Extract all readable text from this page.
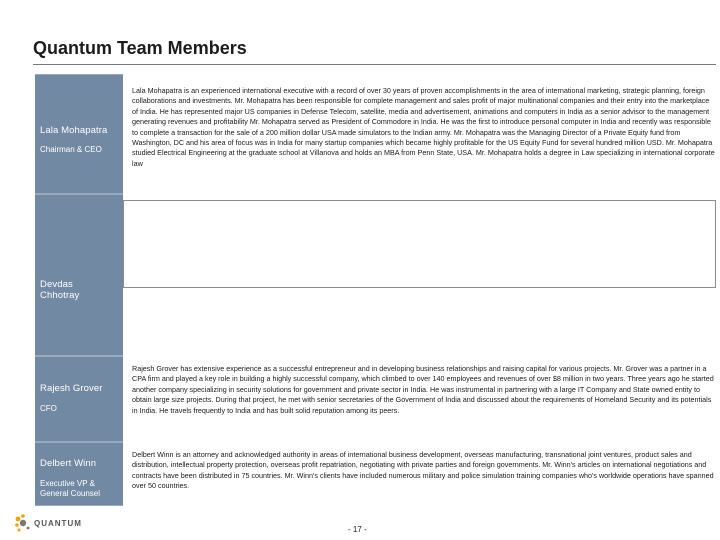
Quantum Team Members
Lala Mohapatra
Chairman & CEO
Lala Mohapatra is an experienced international executive with a record of over 30 years of proven accomplishments in the area of international marketing, strategic planning, foreign collaborations and investments. Mr. Mohapatra has been responsible for complete management and sales profit of major multinational companies and their entry into the marketplace of India. He has represented major US companies in Defense Telecom, satellite, media and advertisement, animations and computers in India as a senior advisor to the management generating revenues and profitability Mr. Mohapatra served as President of Commodore in India. He was the first to introduce personal computer in India and recently was responsible to complete a transaction for the sale of a 200 million dollar USA made simulators to the Indian army. Mr. Mohapatra was the Managing Director of a Private Equity fund from Washington, DC and his area of focus was in India for many startup companies which became highly profitable for the US Equity Fund for several hundred million USD. Mr. Mohapatra studied Electrical Engineering at the graduate school at Villanova and holds an MBA from Penn State, USA. Mr. Mohapatra holds a degree in Law specializing in international corporate law
Devdas Chhotray
Rajesh Grover
CFO
Rajesh Grover has extensive experience as a successful entrepreneur and in developing business relationships and raising capital for various projects. Mr. Grover was a partner in a CPA firm and played a key role in building a highly successful company, which climbed to over 140 employees and revenues of over $8 million in two years. Three years ago he started another company specializing in security solutions for government and private sector in India. He was instrumental in partnering with a large IT Company and State owned entity to obtain large size projects. During that project, he met with senior secretaries of the Government of India and discussed about the requirements of Homeland Security and its potentials in India. He travels frequently to India and has built solid reputation among its peers.
Delbert Winn
Executive VP & General Counsel
Delbert Winn is an attorney and acknowledged authority in areas of international business development, overseas manufacturing, transnational joint ventures, product sales and distribution, intellectual property protection, overseas profit repatriation, negotiating with private parties and foreign governments. Mr. Winn's articles on international negotiations and contracts have been distributed in 75 countries. Mr. Winn's clients have included numerous military and police simulation training companies who's worldwide operations have spanned over 50 countries.
QUANTUM
- 17 -
